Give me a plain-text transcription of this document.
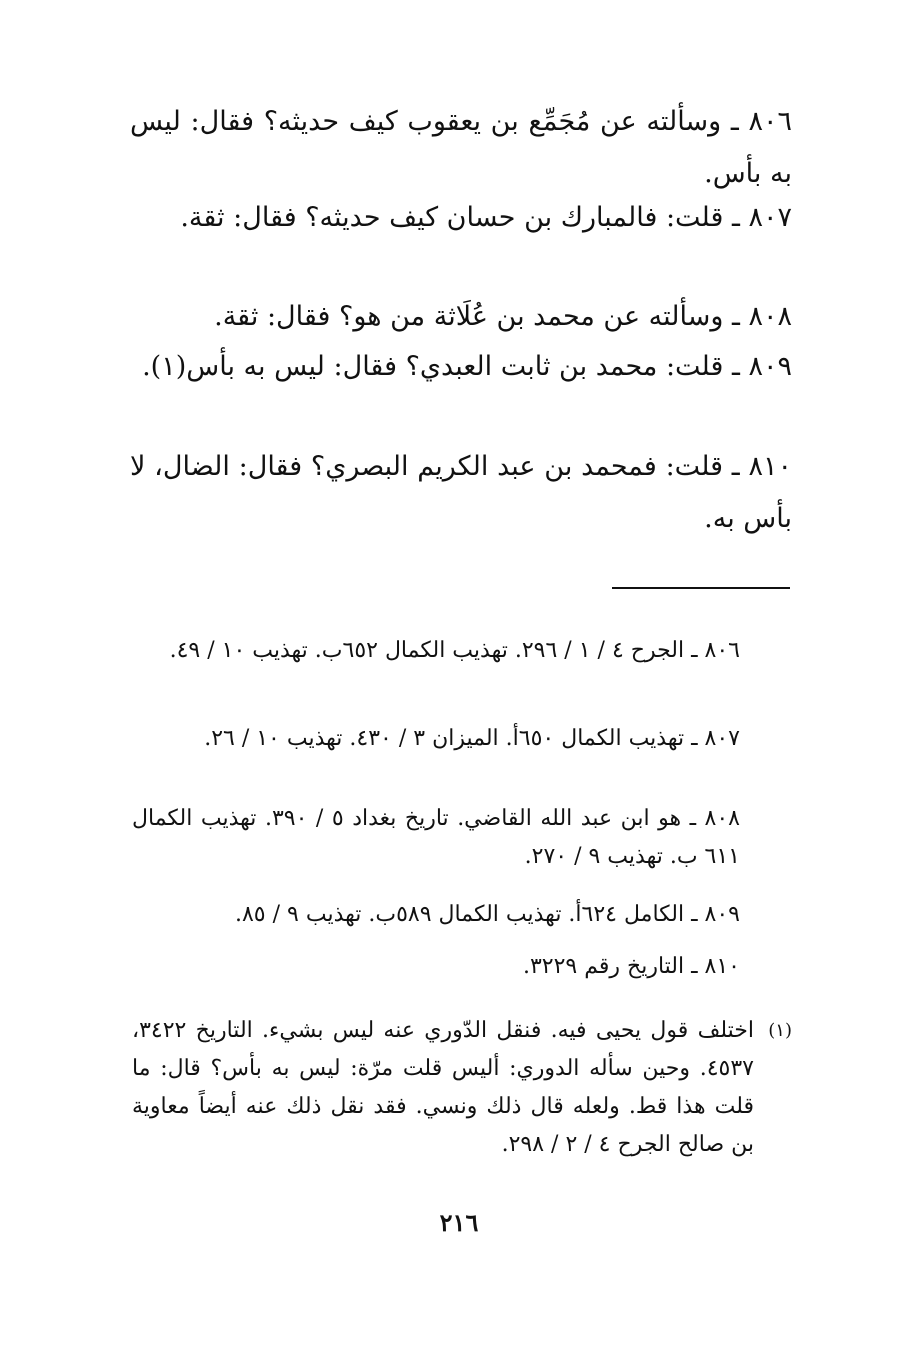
٨٠٦ ـ وسألته عن مُجَمِّع بن يعقوب كيف حديثه؟ فقال: ليس به بأس.
٨٠٧ ـ قلت: فالمبارك بن حسان كيف حديثه؟ فقال: ثقة.
٨٠٨ ـ وسألته عن محمد بن عُلَاثة من هو؟ فقال: ثقة.
٨٠٩ ـ قلت: محمد بن ثابت العبدي؟ فقال: ليس به بأس(١).
٨١٠ ـ قلت: فمحمد بن عبد الكريم البصري؟ فقال: الضال، لا بأس به.
٨٠٦ ـ الجرح ٤ / ١ / ٢٩٦. تهذيب الكمال ٦٥٢ب. تهذيب ١٠ / ٤٩.
٨٠٧ ـ تهذيب الكمال ٦٥٠أ. الميزان ٣ / ٤٣٠. تهذيب ١٠ / ٢٦.
٨٠٨ ـ هو ابن عبد الله القاضي. تاريخ بغداد ٥ / ٣٩٠. تهذيب الكمال ٦١١ ب. تهذيب ٩ / ٢٧٠.
٨٠٩ ـ الكامل ٦٢٤أ. تهذيب الكمال ٥٨٩ب. تهذيب ٩ / ٨٥.
٨١٠ ـ التاريخ رقم ٣٢٢٩.
(١)
اختلف قول يحيى فيه. فنقل الدّوري عنه ليس بشيء. التاريخ ٣٤٢٢، ٤٥٣٧. وحين سأله الدوري: أليس قلت مرّة: ليس به بأس؟ قال: ما قلت هذا قط. ولعله قال ذلك ونسي. فقد نقل ذلك عنه أيضاً معاوية بن صالح الجرح ٤ / ٢ / ٢٩٨.
٢١٦
